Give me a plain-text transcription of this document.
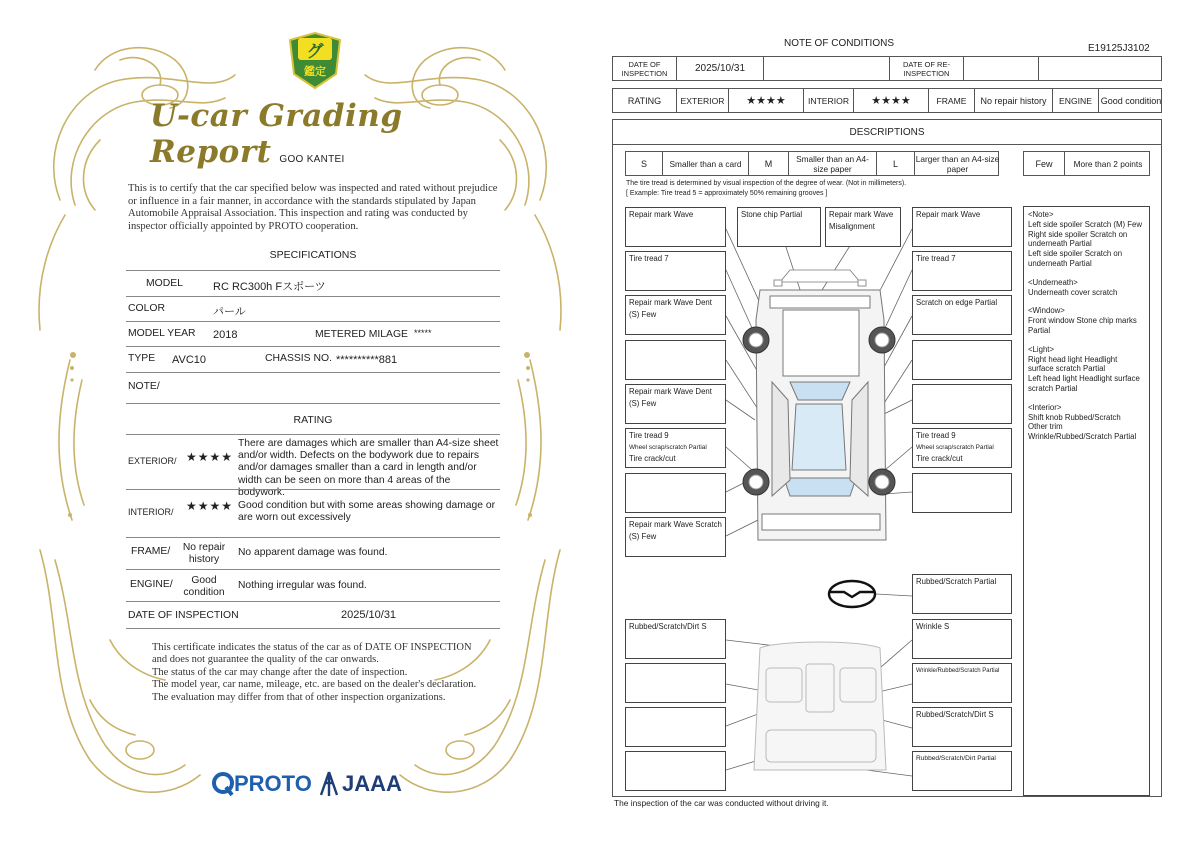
グ
鑑定
U-car Grading Report GOO KANTEI
This is to certify that the car specified below was inspected and rated without prejudice or influence in a fair manner, in accordance with the standards stipulated by Japan Automobile Appraisal Association. This inspection and rating was conducted by inspector officially appointed by PROTO cooperation.
SPECIFICATIONS
MODEL	RC RC300h Fスポーツ
COLOR	パール
MODEL YEAR 2018	METERED MILAGE *****
TYPE AVC10	CHASSIS NO. **********881
NOTE/
RATING
EXTERIOR/ ★★★★
There are damages which are smaller than A4-size sheet and/or width. Defects on the bodywork due to repairs and/or damages smaller than a card in length and/or width can be seen on more than 4 areas of the bodywork.
INTERIOR/ ★★★★ Good condition but with some areas showing damage or are worn out excessively
FRAME/	No repair history
No apparent damage was found.
ENGINE/	Good condition
Nothing irregular was found.
DATE OF INSPECTION	2025/10/31
This certificate indicates the status of the car as of DATE OF INSPECTION and does not guarantee the quality of the car onwards.
The status of the car may change after the date of inspection.
The model year, car name, mileage, etc. are based on the dealer's declaration.
The evaluation may differ from that of other inspection organizations.
PROTO JAAA
NOTE OF CONDITIONS	E19125J3102
DATE OF INSPECTION	2025/10/31	DATE OF RE-INSPECTION
RATING	EXTERIOR	★★★★	INTERIOR	★★★★	FRAME	No repair history	ENGINE Good condition
DESCRIPTIONS
S	Smaller than a card	M	Smaller than an A4-size paper	L	Larger than an A4-size paper	Few	More than 2 points
The tire tread is determined by visual inspection of the degree of wear. (Not in millimeters).
[ Example: Tire tread 5 = approximately 50% remaining grooves ]
Repair mark Wave
Tire tread 7
Repair mark Wave Dent (S) Few
Repair mark Wave Dent (S) Few
Tire tread 9
Wheel scrap/scratch Partial
Tire crack/cut
Repair mark Wave Scratch (S) Few
Stone chip Partial	Repair mark Wave Misalignment
Repair mark Wave
Tire tread 7
Scratch on edge Partial
Tire tread 9
Wheel scrap/scratch Partial
Tire crack/cut
Rubbed/Scratch Partial
Rubbed/Scratch/Dirt S	Wrinkle S
Wrinkle/Rubbed/Scratch Partial
Rubbed/Scratch/Dirt S
Rubbed/Scratch/Dirt Partial
<Note>
Left side spoiler Scratch (M) Few
Right side spoiler Scratch on underneath Partial

Left side spoiler Scratch on underneath Partial

<Underneath>

Underneath cover scratch

<Window>

Front window Stone chip marks Partial

<Light>
Right head light Headlight surface scratch Partial

Left head light Headlight surface scratch Partial

<Interior>
Shift knob Rubbed/Scratch
Other trim
Wrinkle/Rubbed/Scratch Partial
The inspection of the car was conducted without driving it.
